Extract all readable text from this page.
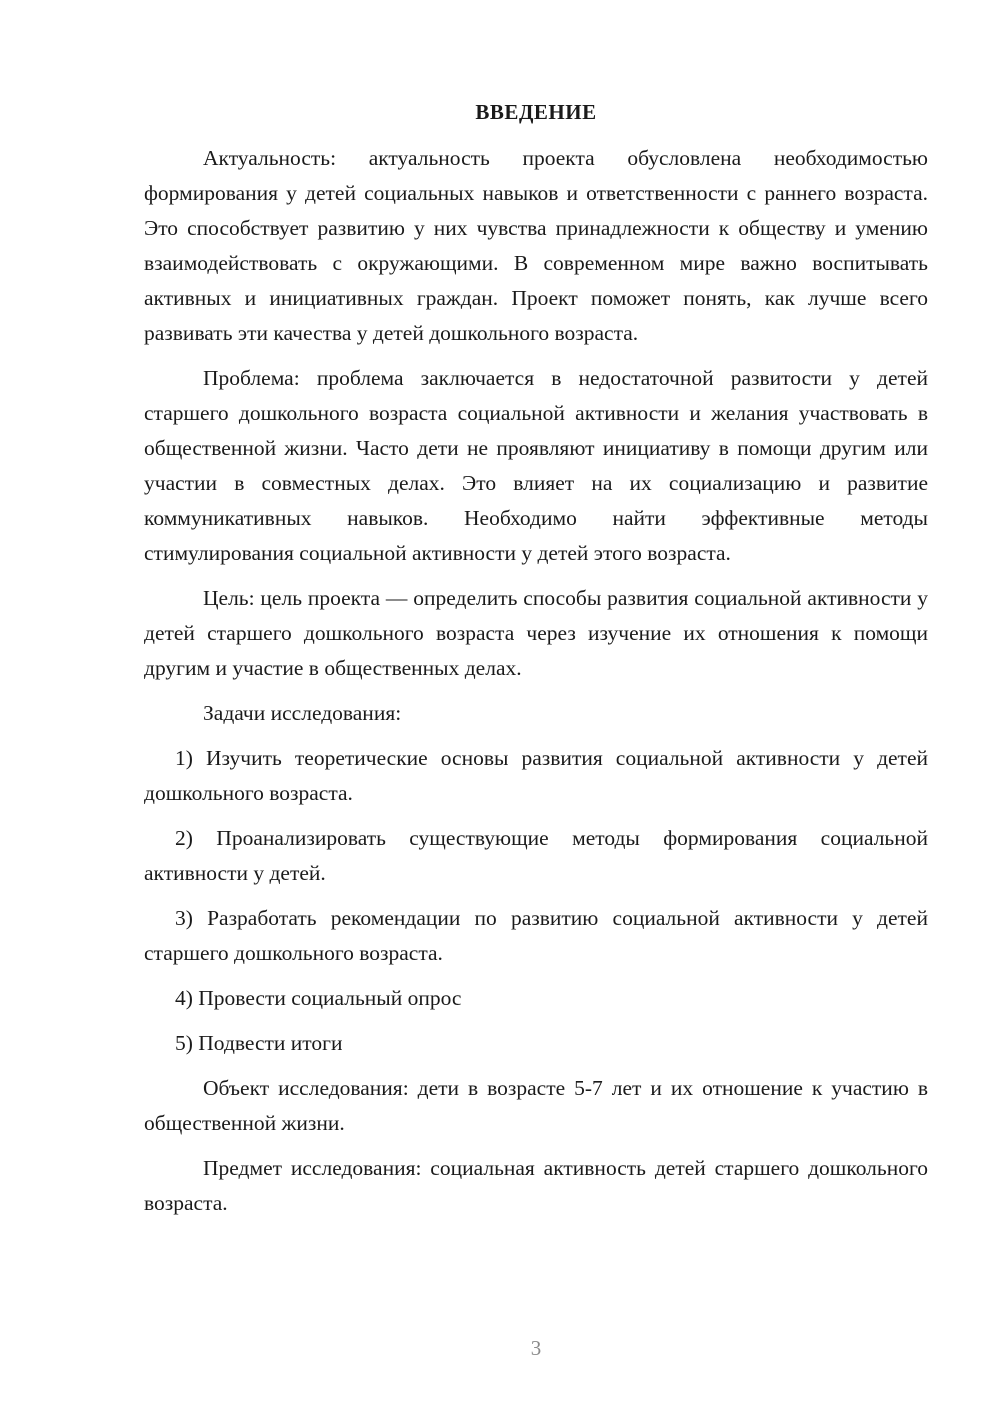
ВВЕДЕНИЕ

Актуальность: актуальность проекта обусловлена необходимостью формирования у детей социальных навыков и ответственности с раннего возраста. Это способствует развитию у них чувства принадлежности к обществу и умению взаимодействовать с окружающими. В современном мире важно воспитывать активных и инициативных граждан. Проект поможет понять, как лучше всего развивать эти качества у детей дошкольного возраста.

Проблема: проблема заключается в недостаточной развитости у детей старшего дошкольного возраста социальной активности и желания участвовать в общественной жизни. Часто дети не проявляют инициативу в помощи другим или участии в совместных делах. Это влияет на их социализацию и развитие коммуникативных навыков. Необходимо найти эффективные методы стимулирования социальной активности у детей этого возраста.

Цель: цель проекта — определить способы развития социальной активности у детей старшего дошкольного возраста через изучение их отношения к помощи другим и участие в общественных делах.

Задачи исследования:

1) Изучить теоретические основы развития социальной активности у детей дошкольного возраста.

2) Проанализировать существующие методы формирования социальной активности у детей.

3) Разработать рекомендации по развитию социальной активности у детей старшего дошкольного возраста.

4) Провести социальный опрос

5) Подвести итоги

Объект исследования: дети в возрасте 5-7 лет и их отношение к участию в общественной жизни.

Предмет исследования: социальная активность детей старшего дошкольного возраста.

3
